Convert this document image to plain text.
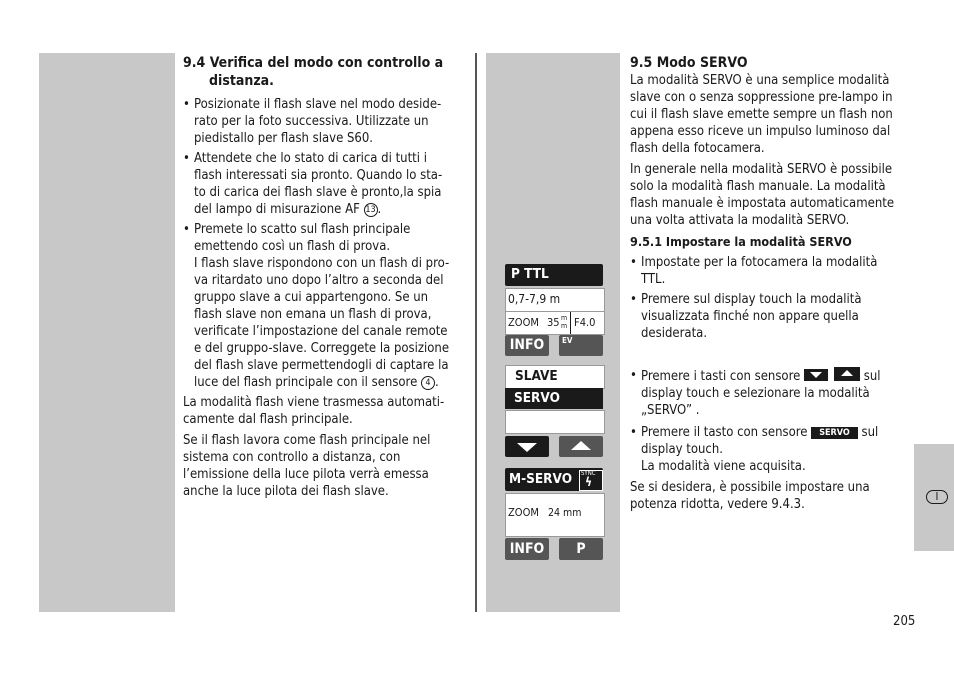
I
9.4 Verifica del modo con controllo a
distanza.
• Posizionate il flash slave nel modo deside-
rato per la foto successiva. Utilizzate un
piedistallo per flash slave S60.
• Attendete che lo stato di carica di tutti i
flash interessati sia pronto. Quando lo sta-
to di carica dei flash slave è pronto,la spia
del lampo di misurazione AF 13 .
• Premete lo scatto sul flash principale
emettendo così un flash di prova.
I flash slave rispondono con un flash di pro-
va ritardato uno dopo l’altro a seconda del
gruppo slave a cui appartengono. Se un
flash slave non emana un flash di prova,
verificate l’impostazione del canale remote
e del gruppo-slave. Correggete la posizione
del flash slave permettendogli di captare la
luce del flash principale con il sensore 4 .

La modalità flash viene trasmessa automati-
camente dal flash principale.

Se il flash lavora come flash principale nel
sistema con controllo a distanza, con
l’emissione della luce pilota verrà emessa
anche la luce pilota dei flash slave.

P TTL
0,7-7,9 m
ZOOM 35 m
m F4.0
INFO	EV
SLAVE
SERVO
M-SERVO SYNC
ϟ
ZOOM 24 mm
INFO	P
9.5 Modo SERVO

La modalità SERVO è una semplice modalità
slave con o senza soppressione pre-lampo in
cui il flash slave emette sempre un flash non
appena esso riceve un impulso luminoso dal
flash della fotocamera.

In generale nella modalità SERVO è possibile
solo la modalità flash manuale. La modalità
flash manuale è impostata automaticamente
una volta attivata la modalità SERVO.

9.5.1 Impostare la modalità SERVO
• Impostate per la fotocamera la modalità
TTL.
• Premere sul display touch la modalità
visualizzata finché non appare quella
desiderata.
• Premere i tasti con sensore	sul
display touch e selezionare la modalità
„SERVO” .
• Premere il tasto con sensore SERVO sul
display touch.
La modalità viene acquisita.

Se si desidera, è possibile impostare una
potenza ridotta, vedere 9.4.3.

205
